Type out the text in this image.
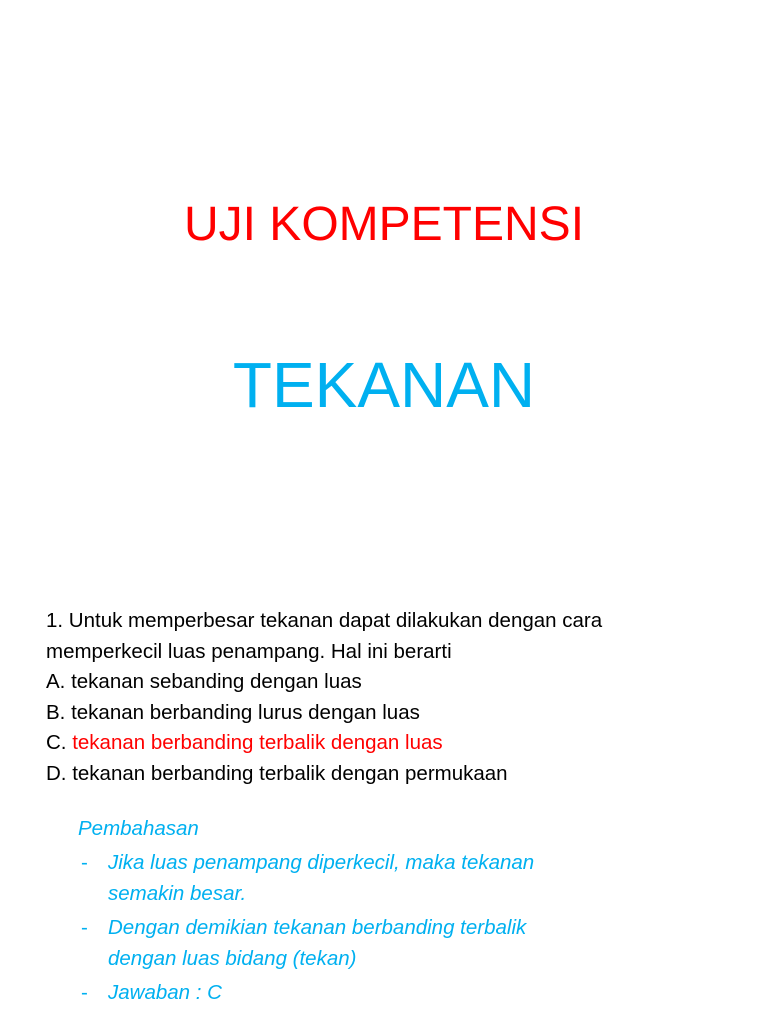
UJI KOMPETENSI
TEKANAN
1. Untuk memperbesar tekanan dapat dilakukan dengan cara
memperkecil luas penampang. Hal ini berarti
A. tekanan sebanding dengan luas
B. tekanan berbanding lurus dengan luas
C. tekanan berbanding terbalik dengan luas
D. tekanan berbanding terbalik dengan permukaan
Pembahasan
- Jika luas penampang diperkecil, maka tekanan
semakin besar.
- Dengan demikian tekanan berbanding terbalik
dengan luas bidang (tekan)
- Jawaban : C
